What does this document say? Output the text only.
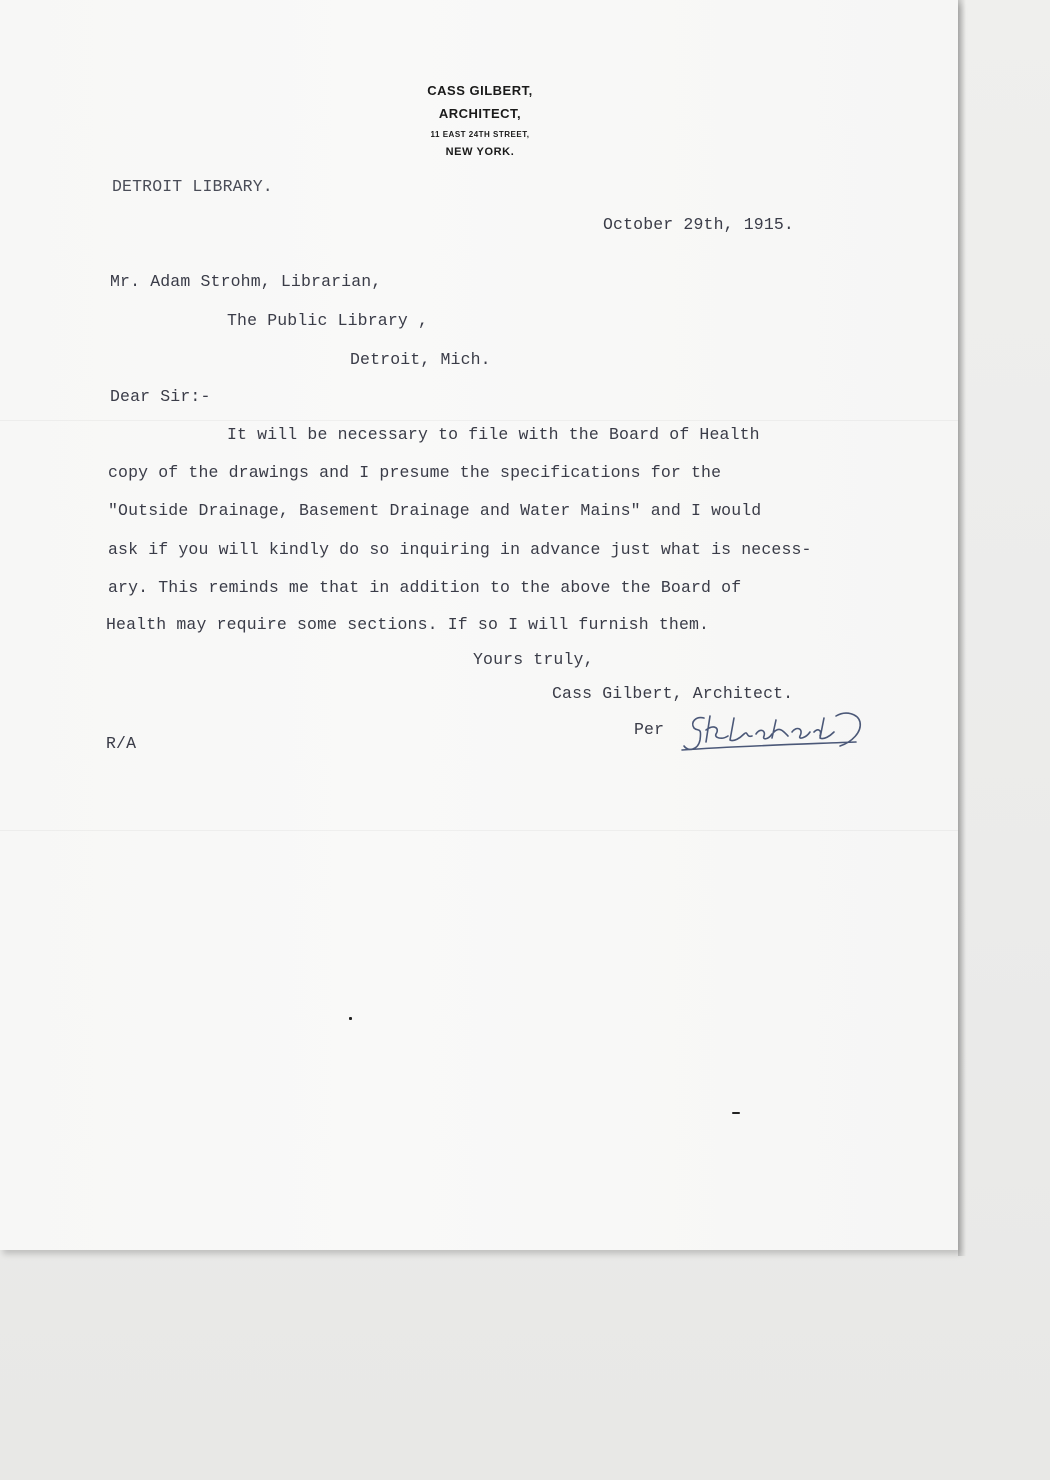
CASS GILBERT,
ARCHITECT,
11 EAST 24TH STREET,
NEW YORK.
DETROIT LIBRARY.
October 29th, 1915.
Mr. Adam Strohm, Librarian,
The Public Library ,
Detroit, Mich.
Dear Sir:-
It will be necessary to file with the Board of Health
copy of the drawings and I presume the specifications for the
"Outside Drainage, Basement Drainage and Water Mains" and I would
ask if you will kindly do so inquiring in advance just what is necess-
ary. This reminds me that in addition to the above the Board of
Health may require some sections. If so I will furnish them.
Yours truly,
Cass Gilbert, Architect.
Per
R/A
